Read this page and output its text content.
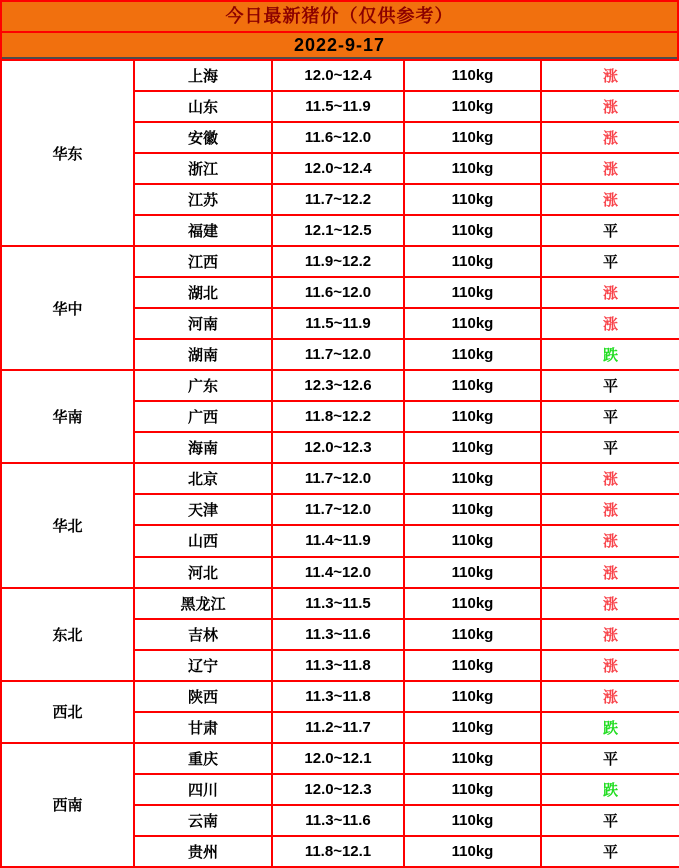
今日最新猪价（仅供参考）
2022-9-17
华东	上海	12.0~12.4	110kg	涨
	山东	11.5~11.9	110kg	涨
	安徽	11.6~12.0	110kg	涨
	浙江	12.0~12.4	110kg	涨
	江苏	11.7~12.2	110kg	涨
	福建	12.1~12.5	110kg	平
华中	江西	11.9~12.2	110kg	平
	湖北	11.6~12.0	110kg	涨
	河南	11.5~11.9	110kg	涨
	湖南	11.7~12.0	110kg	跌
华南	广东	12.3~12.6	110kg	平
	广西	11.8~12.2	110kg	平
	海南	12.0~12.3	110kg	平
华北	北京	11.7~12.0	110kg	涨
	天津	11.7~12.0	110kg	涨
	山西	11.4~11.9	110kg	涨
	河北	11.4~12.0	110kg	涨
东北	黑龙江	11.3~11.5	110kg	涨
	吉林	11.3~11.6	110kg	涨
	辽宁	11.3~11.8	110kg	涨
西北	陕西	11.3~11.8	110kg	涨
	甘肃	11.2~11.7	110kg	跌
西南	重庆	12.0~12.1	110kg	平
	四川	12.0~12.3	110kg	跌
	云南	11.3~11.6	110kg	平
	贵州	11.8~12.1	110kg	平
